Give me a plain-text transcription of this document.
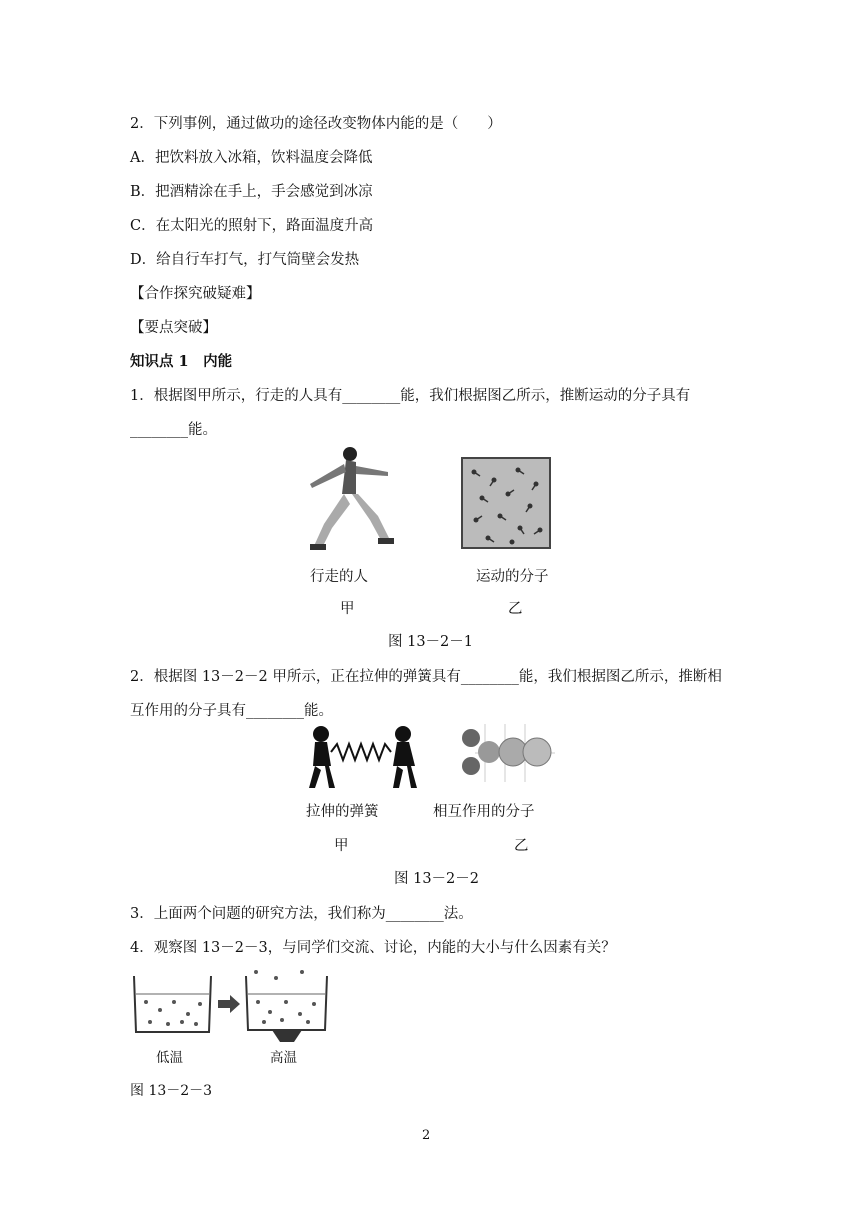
2．下列事例，通过做功的途径改变物体内能的是（　　）
A．把饮料放入冰箱，饮料温度会降低
B．把酒精涂在手上，手会感觉到冰凉
C．在太阳光的照射下，路面温度升高
D．给自行车打气，打气筒壁会发热
【合作探究破疑难】
【要点突破】
知识点 1　内能
1．根据图甲所示，行走的人具有________能，我们根据图乙所示，推断运动的分子具有
________能。
行走的人	运动的分子
甲	乙
图 13－2－1
2．根据图 13－2－2 甲所示，正在拉伸的弹簧具有________能，我们根据图乙所示，推断相
互作用的分子具有________能。
拉伸的弹簧	相互作用的分子
甲	乙
图 13－2－2
3．上面两个问题的研究方法，我们称为________法。
4．观察图 13－2－3，与同学们交流、讨论，内能的大小与什么因素有关？
低温	高温
图 13－2－3
2
